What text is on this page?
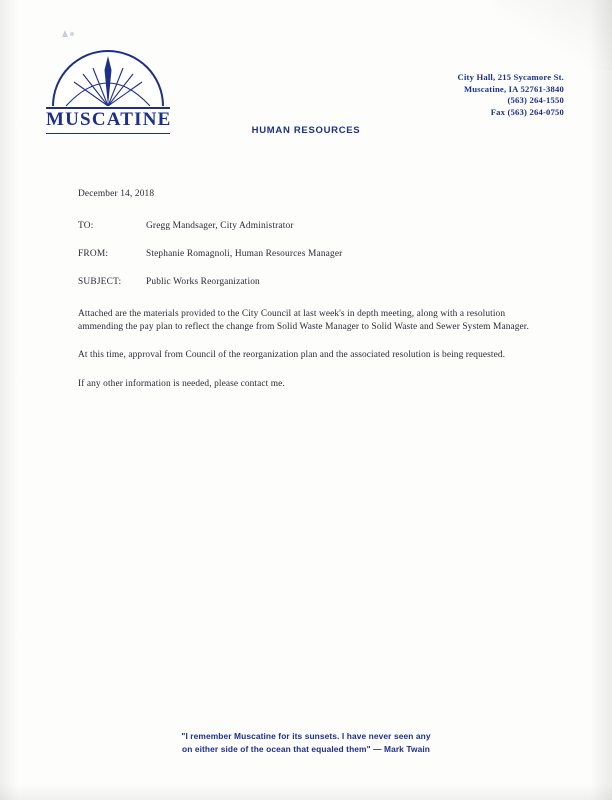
MUSCATINE
City Hall, 215 Sycamore St.
Muscatine, IA 52761-3840
(563) 264-1550
Fax (563) 264-0750
HUMAN RESOURCES
December 14, 2018
TO:	Gregg Mandsager, City Administrator
FROM:	Stephanie Romagnoli, Human Resources Manager
SUBJECT:	Public Works Reorganization
Attached are the materials provided to the City Council at last week's in depth meeting, along with a resolution ammending the pay plan to reflect the change from Solid Waste Manager to Solid Waste and Sewer System Manager.
At this time, approval from Council of the reorganization plan and the associated resolution is being requested.
If any other information is needed, please contact me.
"I remember Muscatine for its sunsets. I have never seen any
on either side of the ocean that equaled them" — Mark Twain
